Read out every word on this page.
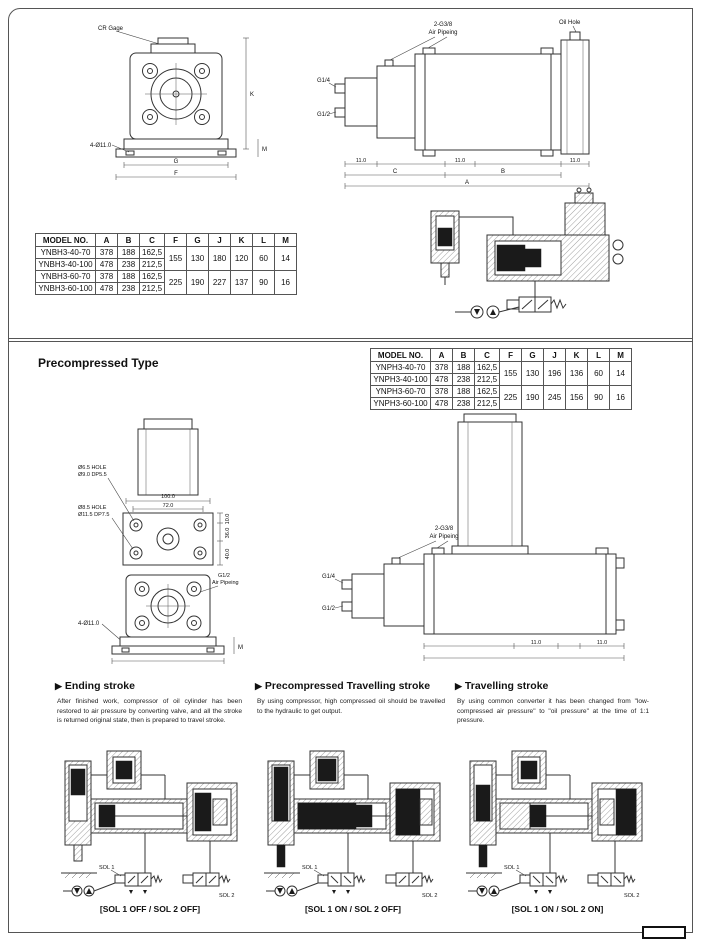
CR Gage
4-Ø11.0
G
F
K
M
Oil Hole
G1/4
G1/2
2-G3/8
Air Pipeing
11.0	11.0	11.0
C	B
A
MODEL NO.	A	B	C	F	G	J	K	L	M
YNBH3-40-70	378	188	162,5	155	130	180	120	60	14
YNBH3-40-100	478	238	212,5						
YNBH3-60-70	378	188	162,5	225	190	227	137	90	16
YNBH3-60-100	478	238	212,5						
Precompressed Type
MODEL NO.	A	B	C	F	G	J	K	L	M
YNPH3-40-70	378	188	162,5	155	130	196	136	60	14
YNPH3-40-100	478	238	212,5						
YNPH3-60-70	378	188	162,5	225	190	245	156	90	16
YNPH3-60-100	478	238	212,5						
100.0
72.0
Ø6.5 HOLE
Ø9.0 DP5.5
Ø8.5 HOLE
Ø11.5 DP7.5	10.0
36.0
40.0
G1/2
Air Pipeing
4-Ø11.0
M
G1/4
G1/2
2-G3/8
Air Pipeing
11.0	11.0
▶ Ending stroke	▶ Precompressed Travelling stroke	▶ Travelling stroke
After finished work, compressor of oil cylinder has been restored to air pressure by converting valve, and all the stroke is returned original state, then is prepared to travel stroke.
By using compressor, high compressed oil should be travelled to the hydraulic to get output.
By using common converter it has been changed from "low-compressed air pressure" to "oil pressure" at the time of 1:1 pressure.
SOL 1
SOL 2
SOL 1
SOL 2
SOL 1
SOL 2
[SOL 1 OFF / SOL 2 OFF]	[SOL 1 ON / SOL 2 OFF]	[SOL 1 ON / SOL 2 ON]
